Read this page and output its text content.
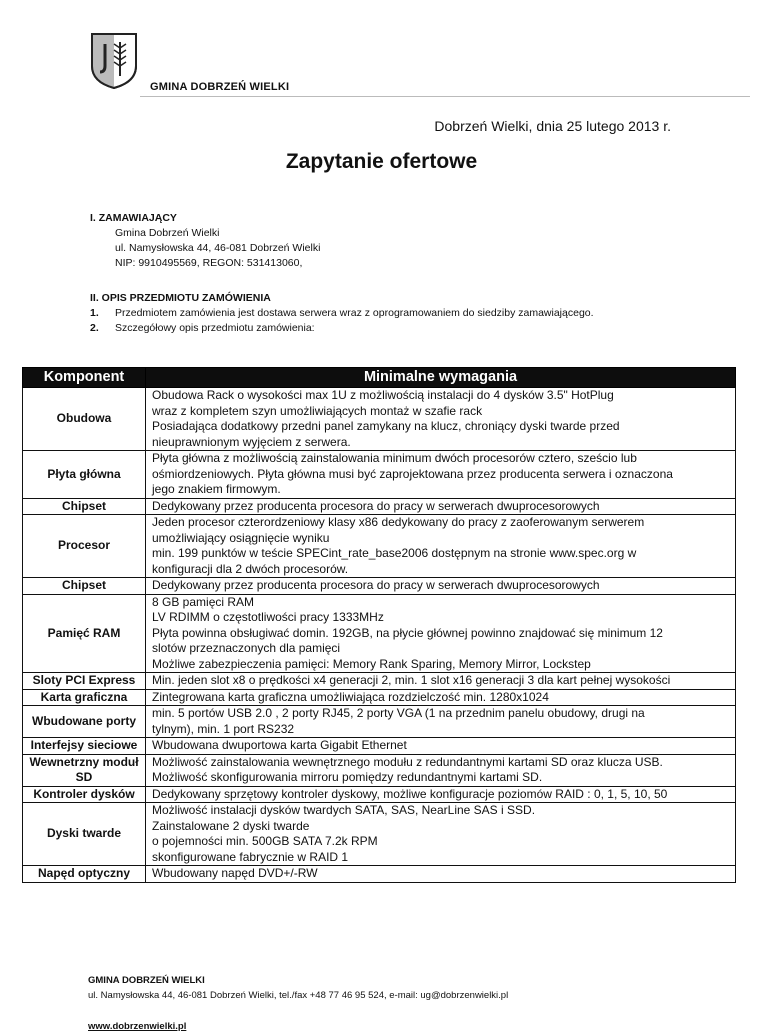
GMINA DOBRZEŃ WIELKI
Dobrzeń Wielki, dnia 25 lutego 2013 r.
Zapytanie ofertowe
I. ZAMAWIAJĄCY
Gmina Dobrzeń Wielki
ul. Namysłowska 44, 46-081 Dobrzeń Wielki
NIP: 9910495569, REGON: 531413060,
II. OPIS PRZEDMIOTU ZAMÓWIENIA
1.	Przedmiotem zamówienia jest dostawa serwera wraz z oprogramowaniem do siedziby zamawiającego.
2.	Szczegółowy opis przedmiotu zamówienia:
Komponent	Minimalne wymagania
Obudowa	Obudowa Rack o wysokości max 1U z możliwością instalacji do 4 dysków 3.5" HotPlug
wraz z kompletem szyn umożliwiających montaż w szafie rack
Posiadająca dodatkowy przedni panel zamykany na klucz, chroniący dyski twarde przed
nieuprawnionym wyjęciem z serwera.

Płyta główna	Płyta główna z możliwością zainstalowania minimum dwóch procesorów cztero, sześcio lub
ośmiordzeniowych. Płyta główna musi być zaprojektowana przez producenta serwera i oznaczona
jego znakiem firmowym.

Chipset	Dedykowany przez producenta procesora do pracy w serwerach dwuprocesorowych

Procesor	Jeden procesor czterordzeniowy klasy x86 dedykowany do pracy z zaoferowanym serwerem
umożliwiający osiągnięcie wyniku
min. 199 punktów w teście SPECint_rate_base2006 dostępnym na stronie www.spec.org w
konfiguracji dla 2 dwóch procesorów.

Chipset	Dedykowany przez producenta procesora do pracy w serwerach dwuprocesorowych

Pamięć RAM	8 GB pamięci RAM
LV RDIMM o częstotliwości pracy 1333MHz
Płyta powinna obsługiwać domin. 192GB, na płycie głównej powinno znajdować się minimum 12
slotów przeznaczonych dla pamięci
Możliwe zabezpieczenia pamięci: Memory Rank Sparing, Memory Mirror, Lockstep

Sloty PCI Express	Min. jeden slot x8 o prędkości x4 generacji 2, min. 1 slot x16 generacji 3 dla kart pełnej wysokości

Karta graficzna	Zintegrowana karta graficzna umożliwiająca rozdzielczość min. 1280x1024

Wbudowane porty	min. 5 portów USB 2.0 , 2 porty RJ45, 2 porty VGA (1 na przednim panelu obudowy, drugi na
tylnym), min. 1 port RS232

Interfejsy sieciowe	Wbudowana dwuportowa karta Gigabit Ethernet

Wewnetrzny moduł SD	Możliwość zainstalowania wewnętrznego modułu z redundantnymi kartami SD oraz klucza USB.
Możliwość skonfigurowania mirroru pomiędzy redundantnymi kartami SD.

Kontroler dysków	Dedykowany sprzętowy kontroler dyskowy, możliwe konfiguracje poziomów RAID : 0, 1, 5, 10, 50

Dyski twarde	Możliwość instalacji dysków twardych SATA, SAS, NearLine SAS i SSD.
Zainstalowane 2 dyski twarde
o pojemności min. 500GB SATA 7.2k RPM
skonfigurowane fabrycznie w RAID 1

Napęd optyczny	Wbudowany napęd DVD+/-RW
GMINA DOBRZEŃ WIELKI
ul. Namysłowska 44, 46-081 Dobrzeń Wielki, tel./fax +48 77 46 95 524, e-mail: ug@dobrzenwielki.pl
www.dobrzenwielki.pl
